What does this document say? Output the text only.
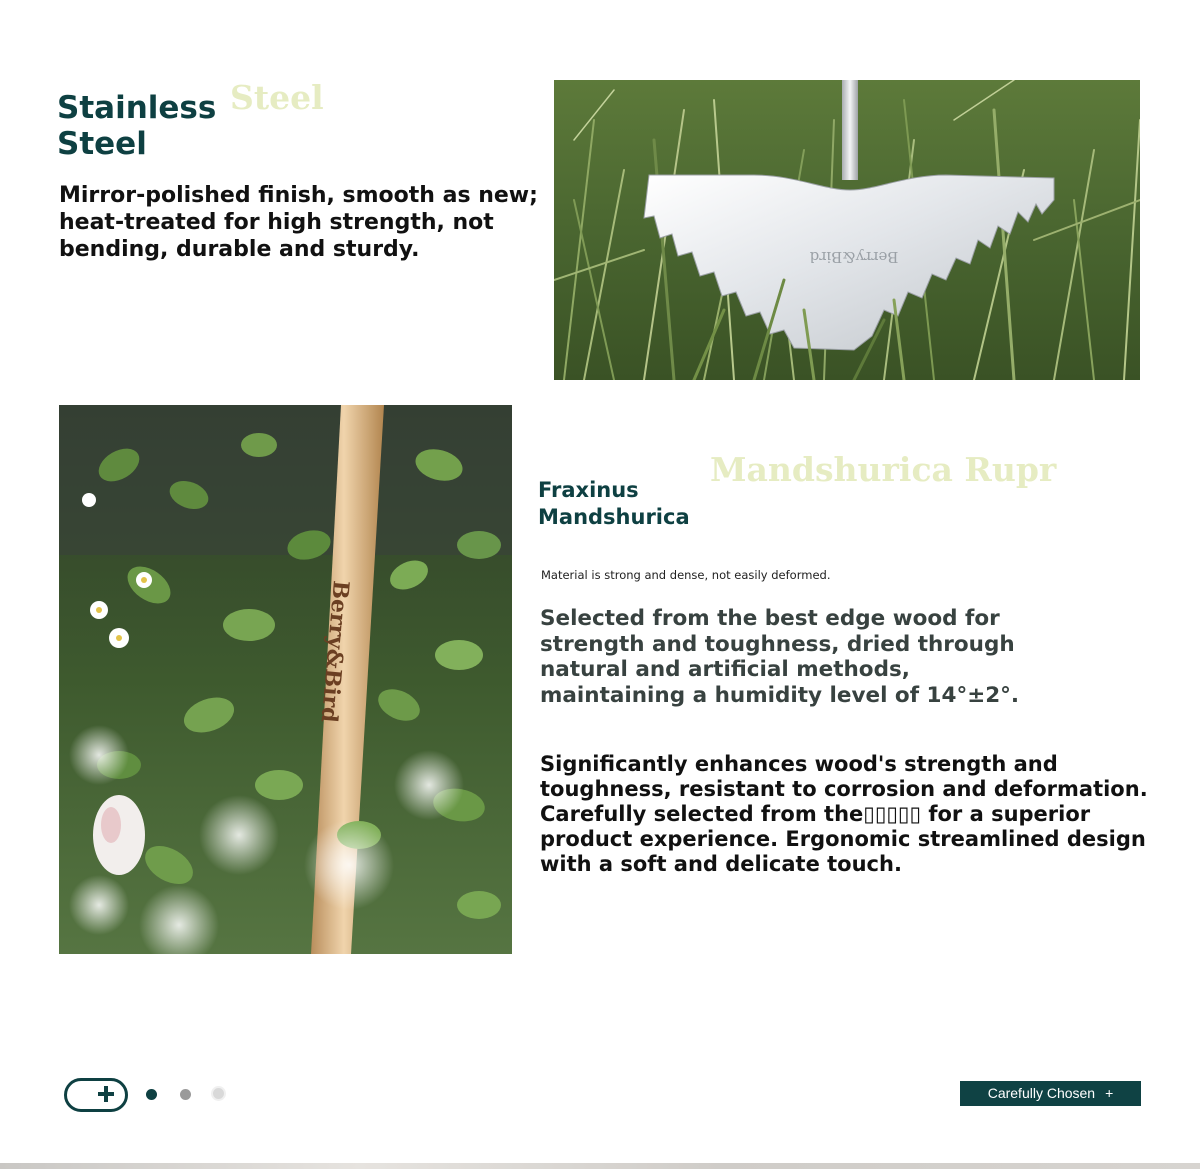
Steel
Stainless Steel
Mirror-polished finish, smooth as new; heat-treated for high strength, not bending, durable and sturdy.	Berry&Bird
Berry&Bird
Mandshurica Rupr
Fraxinus Mandshurica
Material is strong and dense, not easily deformed.
Selected from the best edge wood for strength and toughness, dried through natural and artificial methods, maintaining a humidity level of 14°±2°.
Significantly enhances wood's strength and toughness, resistant to corrosion and deformation. Carefully selected from the▯▯▯▯▯ for a superior product experience. Ergonomic streamlined design with a soft and delicate touch.
Carefully Chosen +
